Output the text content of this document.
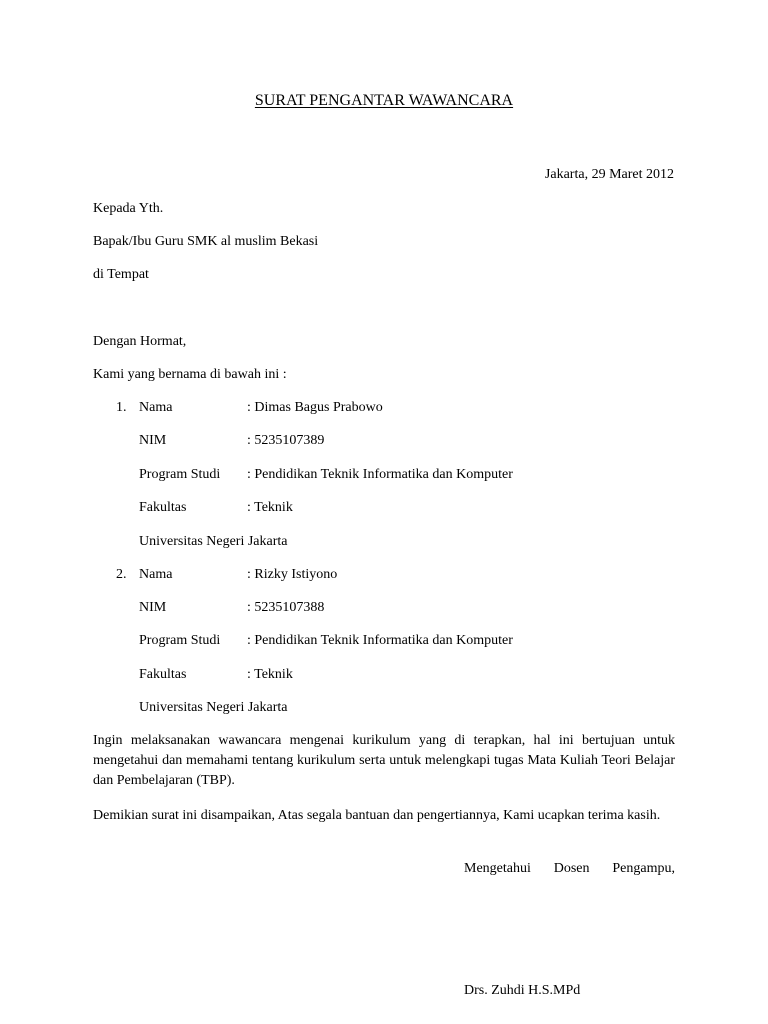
SURAT PENGANTAR WAWANCARA
Jakarta, 29 Maret 2012
Kepada Yth.
Bapak/Ibu Guru SMK al muslim Bekasi
di Tempat
Dengan Hormat,
Kami yang bernama di bawah ini :
1. Nama	: Dimas Bagus Prabowo
NIM	: 5235107389
Program Studi : Pendidikan Teknik Informatika dan Komputer
Fakultas	: Teknik
Universitas Negeri Jakarta
2. Nama	: Rizky Istiyono
NIM	: 5235107388
Program Studi : Pendidikan Teknik Informatika dan Komputer
Fakultas	: Teknik
Universitas Negeri Jakarta
Ingin melaksanakan wawancara mengenai kurikulum yang di terapkan, hal ini bertujuan untuk mengetahui dan memahami tentang kurikulum serta untuk melengkapi tugas Mata Kuliah Teori Belajar dan Pembelajaran (TBP).
Demikian surat ini disampaikan, Atas segala bantuan dan pengertiannya, Kami ucapkan terima kasih.
Mengetahui Dosen Pengampu,
Drs. Zuhdi H.S.MPd
